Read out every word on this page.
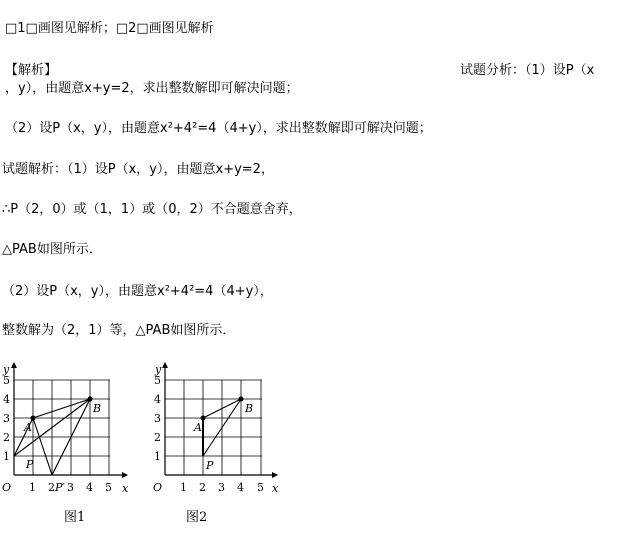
□1□画图见解析；□2□画图见解析
【解析】	试题分析：（1）设P（x
，y），由题意x+y=2，求出整数解即可解决问题；
（2）设P（x，y），由题意x²+4²=4（4+y），求出整数解即可解决问题；
试题解析：（1）设P（x，y），由题意x+y=2，
∴P（2，0）或（1，1）或（0，2）不合题意舍弃，
△PAB如图所示．
（2）设P（x，y），由题意x²+4²=4（4+y），
整数解为（2，1）等，△PAB如图所示．
y
x
O 1 2 3 4 5
1
2
3
4
5
A
B
P
P′
图1
y
x
O 1 2 3 4 5
1
2
3
4
5
A
B
P
图2
